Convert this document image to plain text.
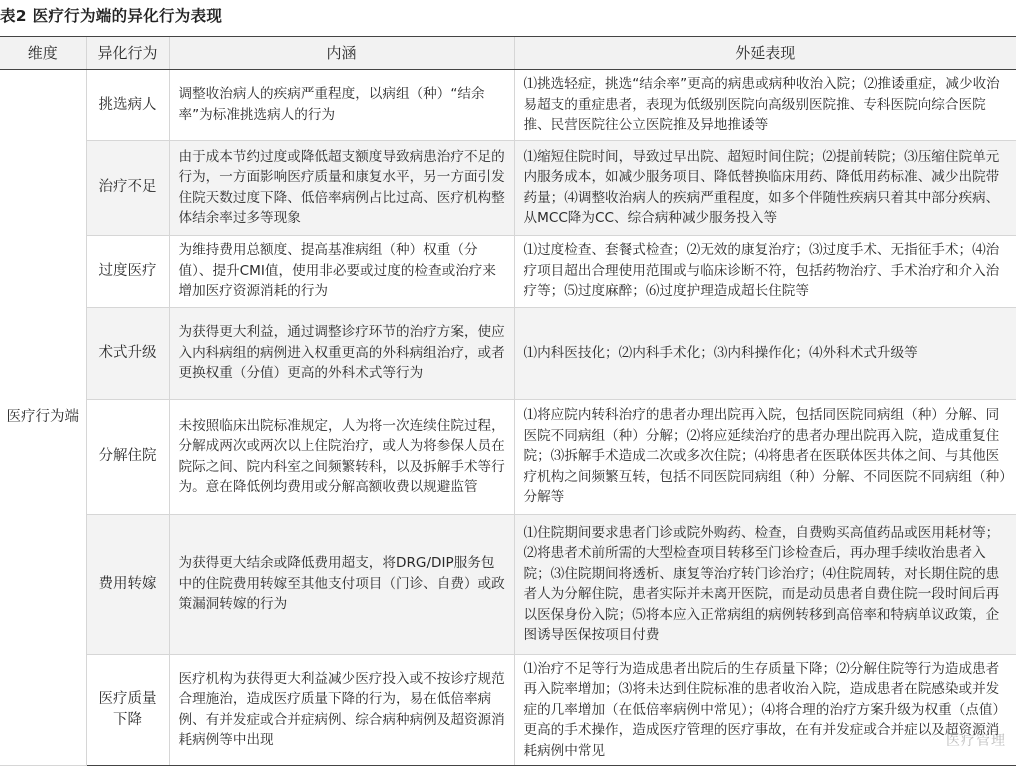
表2 医疗行为端的异化行为表现
维度	异化行为	内涵	外延表现
医疗行为端	挑选病人	调整收治病人的疾病严重程度，以病组（种）“结余率”为标准挑选病人的行为	⑴挑选轻症，挑选“结余率”更高的病患或病种收治入院；⑵推诿重症，减少收治易超支的重症患者，表现为低级别医院向高级别医院推、专科医院向综合医院推、民营医院往公立医院推及异地推诿等
	治疗不足	由于成本节约过度或降低超支额度导致病患治疗不足的行为，一方面影响医疗质量和康复水平，另一方面引发住院天数过度下降、低倍率病例占比过高、医疗机构整体结余率过多等现象	⑴缩短住院时间，导致过早出院、超短时间住院；⑵提前转院；⑶压缩住院单元内服务成本，如减少服务项目、降低替换临床用药、降低用药标准、减少出院带药量；⑷调整收治病人的疾病严重程度，如多个伴随性疾病只着其中部分疾病、从MCC降为CC、综合病种减少服务投入等
	过度医疗	为维持费用总额度、提高基准病组（种）权重（分值）、提升CMI值，使用非必要或过度的检查或治疗来增加医疗资源消耗的行为	⑴过度检查、套餐式检查；⑵无效的康复治疗；⑶过度手术、无指征手术；⑷治疗项目超出合理使用范围或与临床诊断不符，包括药物治疗、手术治疗和介入治疗等；⑸过度麻醉；⑹过度护理造成超长住院等
	术式升级	为获得更大利益，通过调整诊疗环节的治疗方案，使应入内科病组的病例进入权重更高的外科病组治疗，或者更换权重（分值）更高的外科术式等行为	⑴内科医技化；⑵内科手术化；⑶内科操作化；⑷外科术式升级等
	分解住院	未按照临床出院标准规定，人为将一次连续住院过程，分解成两次或两次以上住院治疗，或人为将参保人员在院际之间、院内科室之间频繁转科，以及拆解手术等行为。意在降低例均费用或分解高额收费以规避监管	⑴将应院内转科治疗的患者办理出院再入院，包括同医院同病组（种）分解、同医院不同病组（种）分解；⑵将应延续治疗的患者办理出院再入院，造成重复住院；⑶拆解手术造成二次或多次住院；⑷将患者在医联体医共体之间、与其他医疗机构之间频繁互转，包括不同医院同病组（种）分解、不同医院不同病组（种）分解等
	费用转嫁	为获得更大结余或降低费用超支，将DRG/DIP服务包中的住院费用转嫁至其他支付项目（门诊、自费）或政策漏洞转嫁的行为	⑴住院期间要求患者门诊或院外购药、检查，自费购买高值药品或医用耗材等；⑵将患者术前所需的大型检查项目转移至门诊检查后，再办理手续收治患者入院；⑶住院期间将透析、康复等治疗转门诊治疗；⑷住院周转，对长期住院的患者人为分解住院，患者实际并未离开医院，而是动员患者自费住院一段时间后再以医保身份入院；⑸将本应入正常病组的病例转移到高倍率和特病单议政策，企图诱导医保按项目付费
	医疗质量下降	医疗机构为获得更大利益减少医疗投入或不按诊疗规范合理施治，造成医疗质量下降的行为，易在低倍率病例、有并发症或合并症病例、综合病种病例及超资源消耗病例等中出现	⑴治疗不足等行为造成患者出院后的生存质量下降；⑵分解住院等行为造成患者再入院率增加；⑶将未达到住院标准的患者收治入院，造成患者在院感染或并发症的几率增加（在低倍率病例中常见）；⑷将合理的治疗方案升级为权重（点值）更高的手术操作，造成医疗管理的医疗事故，在有并发症或合并症以及超资源消耗病例中常见
医疗管理
